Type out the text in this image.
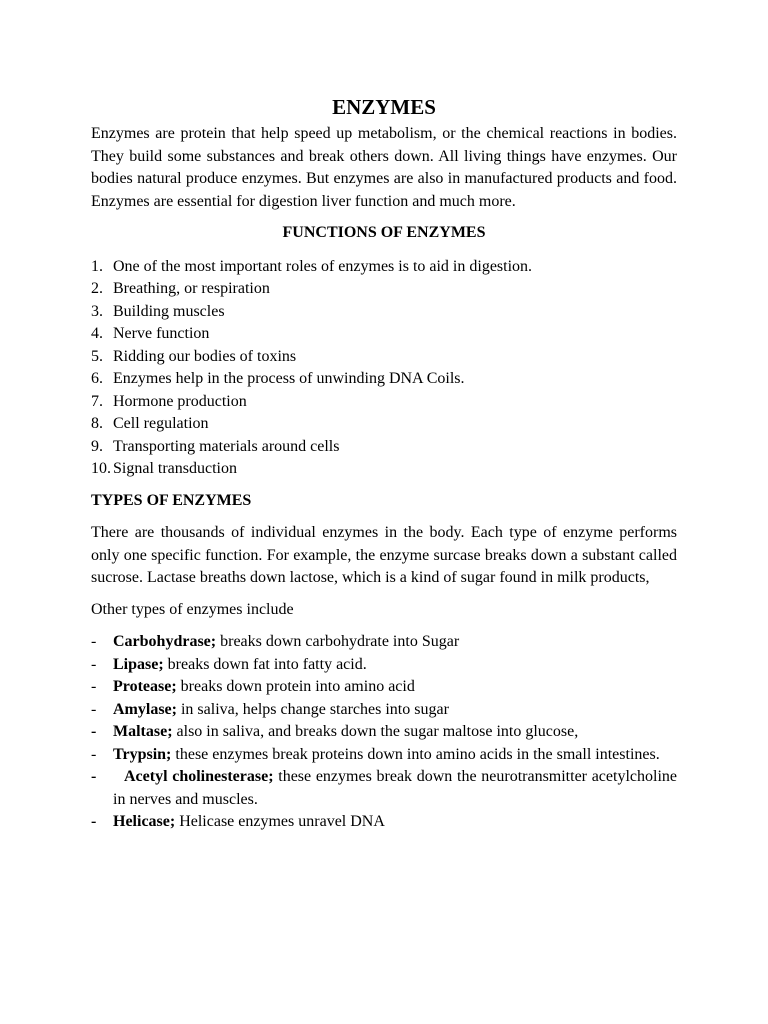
ENZYMES

Enzymes are protein that help speed up metabolism, or the chemical reactions in bodies. They build some substances and break others down. All living things have enzymes. Our bodies natural produce enzymes. But enzymes are also in manufactured products and food. Enzymes are essential for digestion liver function and much more.

FUNCTIONS OF ENZYMES
1. One of the most important roles of enzymes is to aid in digestion.
2. Breathing, or respiration
3. Building muscles
4. Nerve function
5. Ridding our bodies of toxins
6. Enzymes help in the process of unwinding DNA Coils.
7. Hormone production
8. Cell regulation
9. Transporting materials around cells
10. Signal transduction
TYPES OF ENZYMES

There are thousands of individual enzymes in the body. Each type of enzyme performs only one specific function. For example, the enzyme surcase breaks down a substant called sucrose. Lactase breaths down lactose, which is a kind of sugar found in milk products,

Other types of enzymes include

-	Carbohydrase; breaks down carbohydrate into Sugar
-	Lipase; breaks down fat into fatty acid.
-	Protease; breaks down protein into amino acid
-	Amylase; in saliva, helps change starches into sugar
-	Maltase; also in saliva, and breaks down the sugar maltose into glucose,
-	Trypsin; these enzymes break proteins down into amino acids in the small intestines.
-	Acetyl cholinesterase; these enzymes break down the neurotransmitter acetylcholine in nerves and muscles.
-	Helicase; Helicase enzymes unravel DNA
